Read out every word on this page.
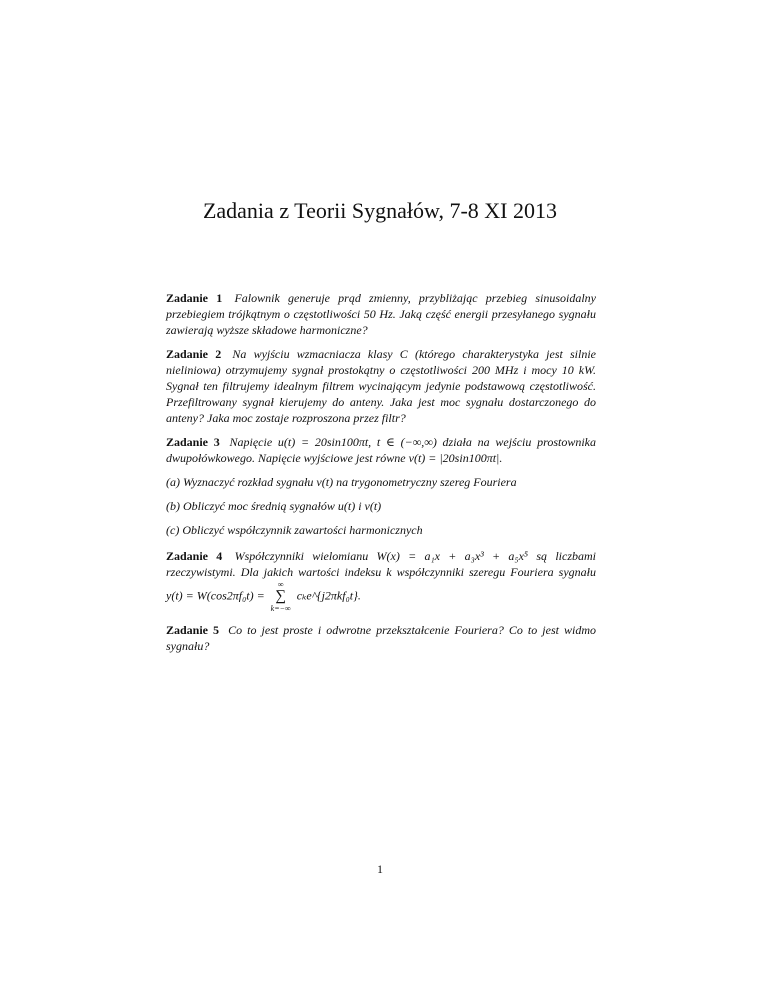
Zadania z Teorii Sygnałów, 7-8 XI 2013

Zadanie 1 Falownik generuje prąd zmienny, przybliżając przebieg sinusoidalny przebiegiem trójkątnym o częstotliwości 50 Hz. Jaką część energii przesyłanego sygnału zawierają wyższe składowe harmoniczne?

Zadanie 2 Na wyjściu wzmacniacza klasy C (którego charakterystyka jest silnie nieliniowa) otrzymujemy sygnał prostokątny o częstotliwości 200 MHz i mocy 10 kW. Sygnał ten filtrujemy idealnym filtrem wycinającym jedynie podstawową częstotliwość. Przefiltrowany sygnał kierujemy do anteny. Jaka jest moc sygnału dostarczonego do anteny? Jaka moc zostaje rozproszona przez filtr?

Zadanie 3 Napięcie u(t) = 20sin100πt, t ∈ (−∞,∞) działa na wejściu prostownika dwupołówkowego. Napięcie wyjściowe jest równe v(t) = |20sin100πt|.

(a) Wyznaczyć rozkład sygnału v(t) na trygonometryczny szereg Fouriera

(b) Obliczyć moc średnią sygnałów u(t) i v(t)

(c) Obliczyć współczynnik zawartości harmonicznych

Zadanie 4 Współczynniki wielomianu W(x) = a₁x + a₃x³ + a₅x⁵ są liczbami rzeczywistymi. Dla jakich wartości indeksu k współczynniki szeregu Fouriera sygnału y(t) = W(cos2πf₀t) =
∞
∑
k=−∞
cₖe^{j2πkf₀t}.

Zadanie 5 Co to jest proste i odwrotne przekształcenie Fouriera? Co to jest widmo sygnału?

1
